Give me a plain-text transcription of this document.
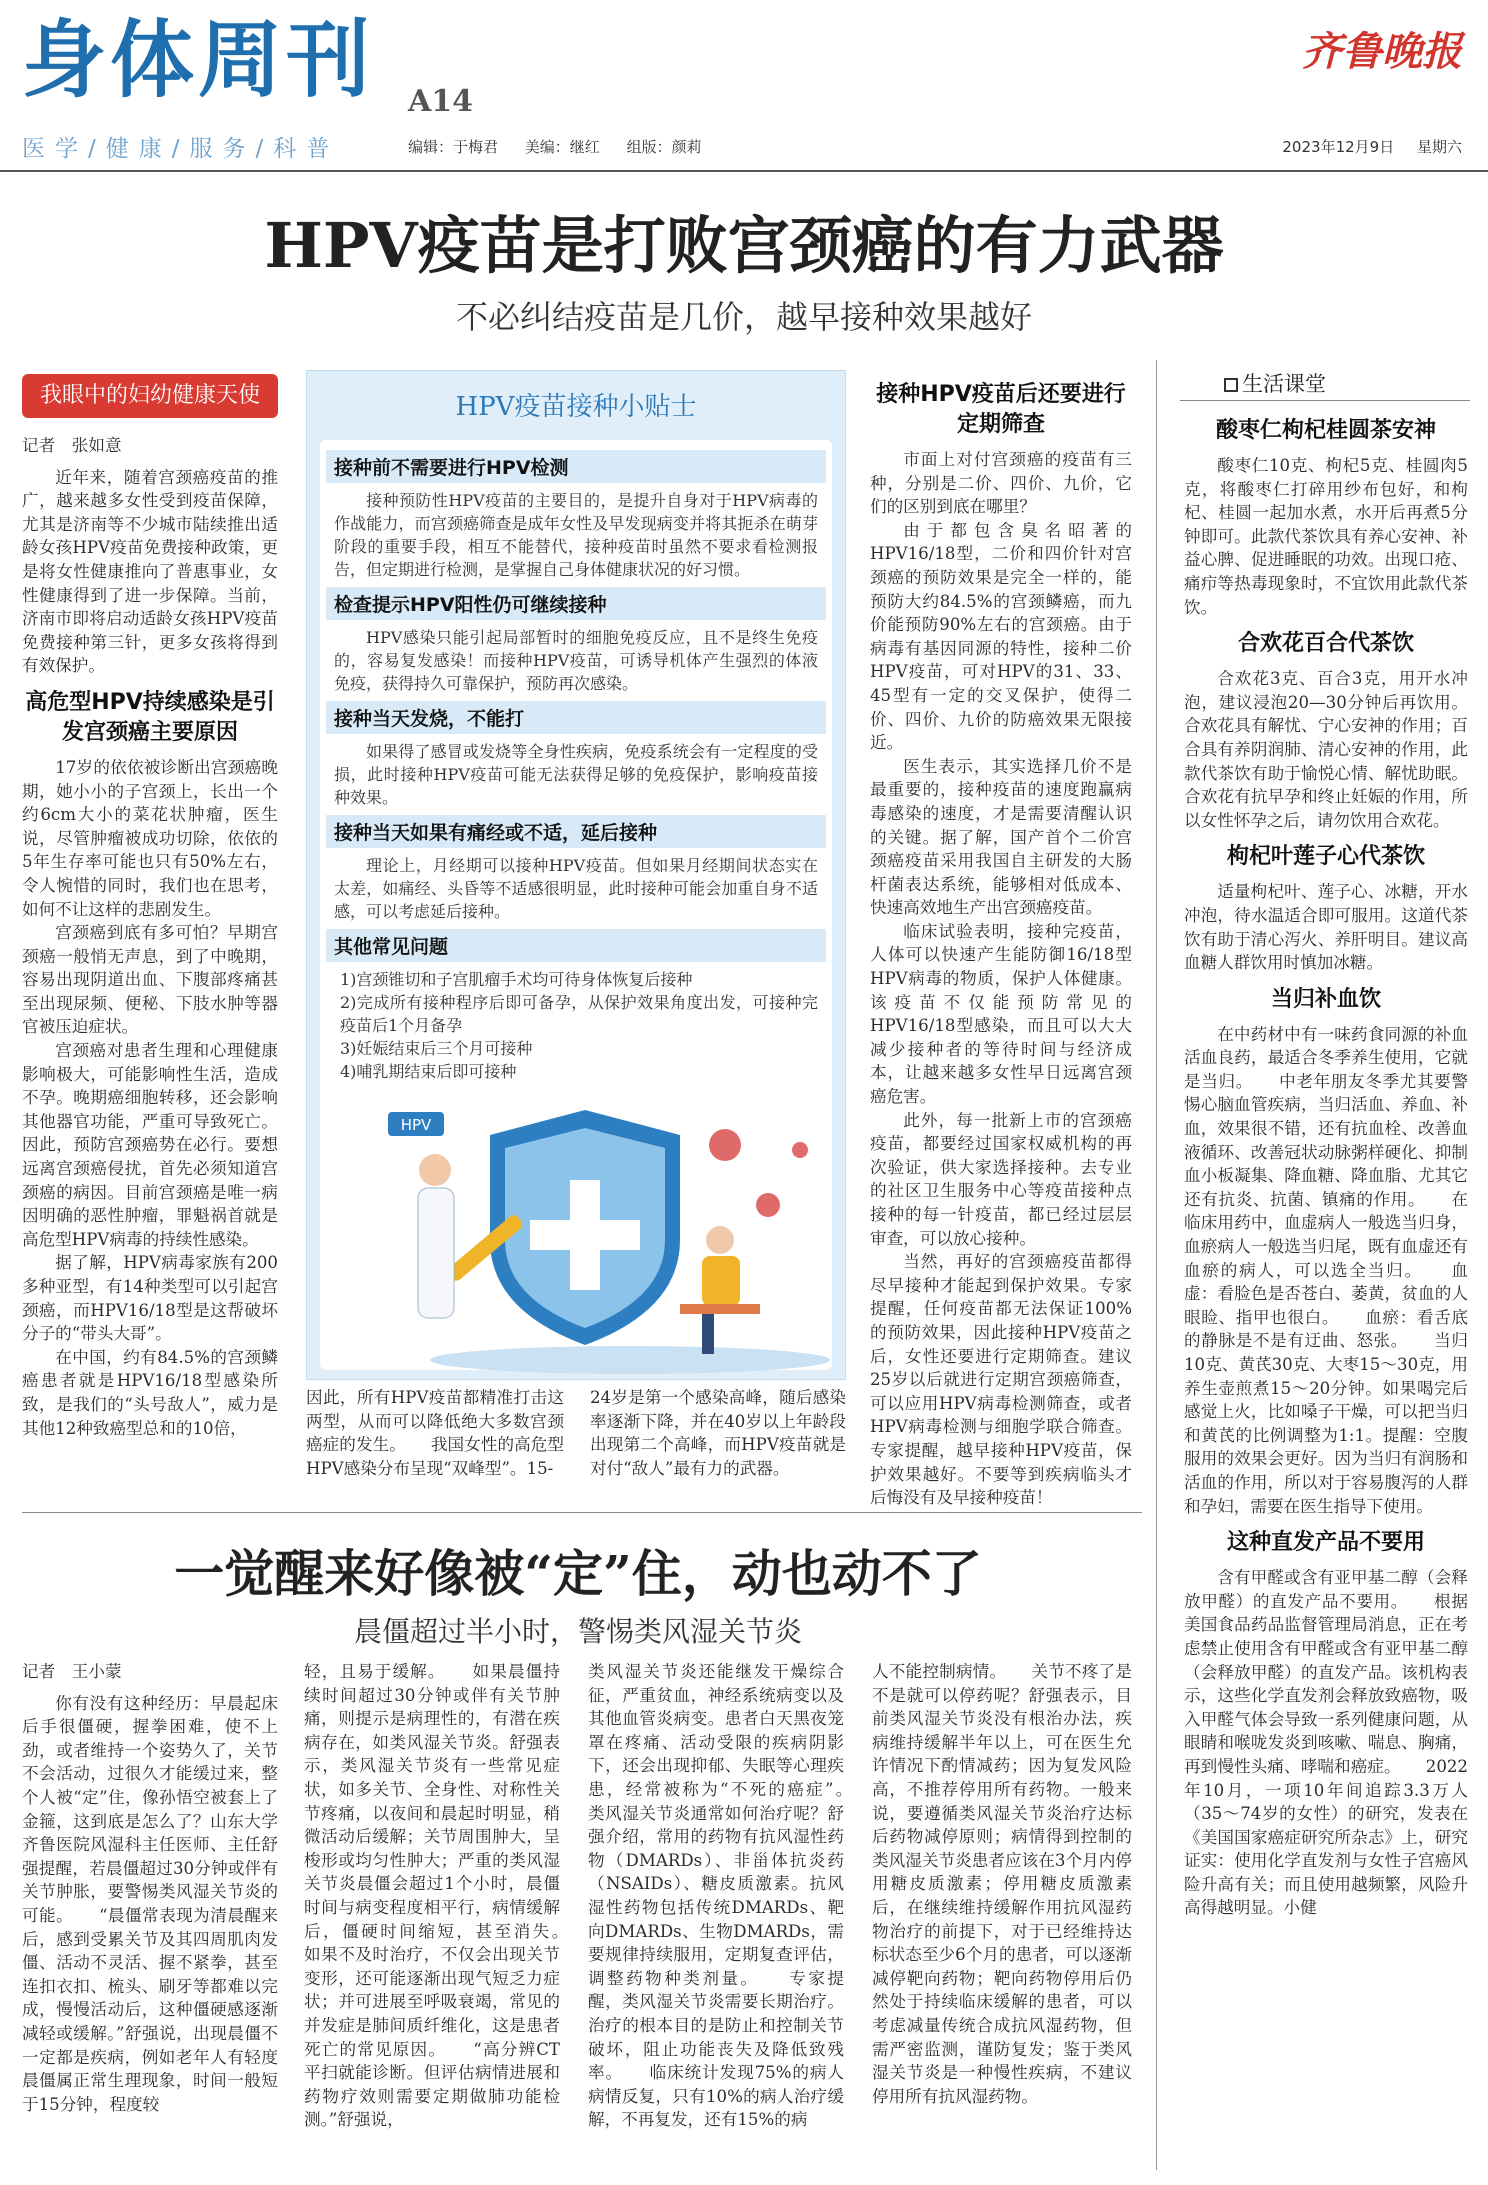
身体周刊 A14
齐鲁晚报
医学/健康/服务/科普	编辑：于梅君 美编：继红 组版：颜莉	2023年12月9日 星期六
HPV疫苗是打败宫颈癌的有力武器
不必纠结疫苗是几价，越早接种效果越好
我眼中的妇幼健康天使

记者　张如意

近年来，随着宫颈癌疫苗的推广，越来越多女性受到疫苗保障，尤其是济南等不少城市陆续推出适龄女孩HPV疫苗免费接种政策，更是将女性健康推向了普惠事业，女性健康得到了进一步保障。当前，济南市即将启动适龄女孩HPV疫苗免费接种第三针，更多女孩将得到有效保护。

高危型HPV持续感染是引发宫颈癌主要原因

17岁的依依被诊断出宫颈癌晚期，她小小的子宫颈上，长出一个约6cm大小的菜花状肿瘤，医生说，尽管肿瘤被成功切除，依依的5年生存率可能也只有50%左右，令人惋惜的同时，我们也在思考，如何不让这样的悲剧发生。

宫颈癌到底有多可怕？早期宫颈癌一般悄无声息，到了中晚期，容易出现阴道出血、下腹部疼痛甚至出现尿频、便秘、下肢水肿等器官被压迫症状。

宫颈癌对患者生理和心理健康影响极大，可能影响性生活，造成不孕。晚期癌细胞转移，还会影响其他器官功能，严重可导致死亡。因此，预防宫颈癌势在必行。要想远离宫颈癌侵扰，首先必须知道宫颈癌的病因。目前宫颈癌是唯一病因明确的恶性肿瘤，罪魁祸首就是高危型HPV病毒的持续性感染。

据了解，HPV病毒家族有200多种亚型，有14种类型可以引起宫颈癌，而HPV16/18型是这帮破坏分子的“带头大哥”。

在中国，约有84.5%的宫颈鳞癌患者就是HPV16/18型感染所致，是我们的“头号敌人”，威力是其他12种致癌型总和的10倍，

HPV疫苗接种小贴士
接种前不需要进行HPV检测

接种预防性HPV疫苗的主要目的，是提升自身对于HPV病毒的作战能力，而宫颈癌筛查是成年女性及早发现病变并将其扼杀在萌芽阶段的重要手段，相互不能替代，接种疫苗时虽然不要求看检测报告，但定期进行检测，是掌握自己身体健康状况的好习惯。

检查提示HPV阳性仍可继续接种

HPV感染只能引起局部暂时的细胞免疫反应，且不是终生免疫的，容易复发感染！而接种HPV疫苗，可诱导机体产生强烈的体液免疫，获得持久可靠保护，预防再次感染。

接种当天发烧，不能打

如果得了感冒或发烧等全身性疾病，免疫系统会有一定程度的受损，此时接种HPV疫苗可能无法获得足够的免疫保护，影响疫苗接种效果。

接种当天如果有痛经或不适，延后接种

理论上，月经期可以接种HPV疫苗。但如果月经期间状态实在太差，如痛经、头昏等不适感很明显，此时接种可能会加重自身不适感，可以考虑延后接种。

其他常见问题

1)宫颈锥切和子宫肌瘤手术均可待身体恢复后接种

2)完成所有接种程序后即可备孕，从保护效果角度出发，可接种完疫苗后1个月备孕

3)妊娠结束后三个月可接种

4)哺乳期结束后即可接种

HPV

因此，所有HPV疫苗都精准打击这两型，从而可以降低绝大多数宫颈癌症的发生。　　我国女性的高危型HPV感染分布呈现“双峰型”。15-

24岁是第一个感染高峰，随后感染率逐渐下降，并在40岁以上年龄段出现第二个高峰，而HPV疫苗就是对付“敌人”最有力的武器。

接种HPV疫苗后还要进行定期筛查

市面上对付宫颈癌的疫苗有三种，分别是二价、四价、九价，它们的区别到底在哪里？

由于都包含臭名昭著的HPV16/18型，二价和四价针对宫颈癌的预防效果是完全一样的，能预防大约84.5%的宫颈鳞癌，而九价能预防90%左右的宫颈癌。由于病毒有基因同源的特性，接种二价HPV疫苗，可对HPV的31、33、45型有一定的交叉保护，使得二价、四价、九价的防癌效果无限接近。

医生表示，其实选择几价不是最重要的，接种疫苗的速度跑赢病毒感染的速度，才是需要清醒认识的关键。据了解，国产首个二价宫颈癌疫苗采用我国自主研发的大肠杆菌表达系统，能够相对低成本、快速高效地生产出宫颈癌疫苗。

临床试验表明，接种完疫苗，人体可以快速产生能防御16/18型HPV病毒的物质，保护人体健康。该疫苗不仅能预防常见的HPV16/18型感染，而且可以大大减少接种者的等待时间与经济成本，让越来越多女性早日远离宫颈癌危害。

此外，每一批新上市的宫颈癌疫苗，都要经过国家权威机构的再次验证，供大家选择接种。去专业的社区卫生服务中心等疫苗接种点接种的每一针疫苗，都已经过层层审查，可以放心接种。

当然，再好的宫颈癌疫苗都得尽早接种才能起到保护效果。专家提醒，任何疫苗都无法保证100%的预防效果，因此接种HPV疫苗之后，女性还要进行定期筛查。建议25岁以后就进行定期宫颈癌筛查，可以应用HPV病毒检测筛查，或者HPV病毒检测与细胞学联合筛查。专家提醒，越早接种HPV疫苗，保护效果越好。不要等到疾病临头才后悔没有及早接种疫苗！

生活课堂
酸枣仁枸杞桂圆茶安神

酸枣仁10克、枸杞5克、桂圆肉5克，将酸枣仁打碎用纱布包好，和枸杞、桂圆一起加水煮，水开后再煮5分钟即可。此款代茶饮具有养心安神、补益心脾、促进睡眠的功效。出现口疮、痛疖等热毒现象时，不宜饮用此款代茶饮。

合欢花百合代茶饮

合欢花3克、百合3克，用开水冲泡，建议浸泡20—30分钟后再饮用。合欢花具有解忧、宁心安神的作用；百合具有养阴润肺、清心安神的作用，此款代茶饮有助于愉悦心情、解忧助眠。合欢花有抗早孕和终止妊娠的作用，所以女性怀孕之后，请勿饮用合欢花。

枸杞叶莲子心代茶饮

适量枸杞叶、莲子心、冰糖，开水冲泡，待水温适合即可服用。这道代茶饮有助于清心泻火、养肝明目。建议高血糖人群饮用时慎加冰糖。

当归补血饮

在中药材中有一味药食同源的补血活血良药，最适合冬季养生使用，它就是当归。　　中老年朋友冬季尤其要警惕心脑血管疾病，当归活血、养血、补血，效果很不错，还有抗血栓、改善血液循环、改善冠状动脉粥样硬化、抑制血小板凝集、降血糖、降血脂、尤其它还有抗炎、抗菌、镇痛的作用。　　在临床用药中，血虚病人一般选当归身，血瘀病人一般选当归尾，既有血虚还有血瘀的病人，可以选全当归。　　血虚：看脸色是否苍白、萎黄，贫血的人眼睑、指甲也很白。　　血瘀：看舌底的静脉是不是有迂曲、怒张。　　当归10克、黄芪30克、大枣15～30克，用养生壶煎煮15～20分钟。如果喝完后感觉上火，比如嗓子干燥，可以把当归和黄芪的比例调整为1:1。提醒：空腹服用的效果会更好。因为当归有润肠和活血的作用，所以对于容易腹泻的人群和孕妇，需要在医生指导下使用。

这种直发产品不要用

含有甲醛或含有亚甲基二醇（会释放甲醛）的直发产品不要用。　　根据美国食品药品监督管理局消息，正在考虑禁止使用含有甲醛或含有亚甲基二醇（会释放甲醛）的直发产品。该机构表示，这些化学直发剂会释放致癌物，吸入甲醛气体会导致一系列健康问题，从眼睛和喉咙发炎到咳嗽、喘息、胸痛，再到慢性头痛、哮喘和癌症。　　2022年10月，一项10年间追踪3.3万人（35～74岁的女性）的研究，发表在《美国国家癌症研究所杂志》上，研究证实：使用化学直发剂与女性子宫癌风险升高有关；而且使用越频繁，风险升高得越明显。小健

一觉醒来好像被“定”住，动也动不了
晨僵超过半小时，警惕类风湿关节炎

记者　王小蒙

你有没有这种经历：早晨起床后手很僵硬，握拳困难，使不上劲，或者维持一个姿势久了，关节不会活动，过很久才能缓过来，整个人被“定”住，像孙悟空被套上了金箍，这到底是怎么了？山东大学齐鲁医院风湿科主任医师、主任舒强提醒，若晨僵超过30分钟或伴有关节肿胀，要警惕类风湿关节炎的可能。　　“晨僵常表现为清晨醒来后，感到受累关节及其四周肌肉发僵、活动不灵活、握不紧拳，甚至连扣衣扣、梳头、刷牙等都难以完成，慢慢活动后，这种僵硬感逐渐减轻或缓解。”舒强说，出现晨僵不一定都是疾病，例如老年人有轻度晨僵属正常生理现象，时间一般短于15分钟，程度较

轻，且易于缓解。　　如果晨僵持续时间超过30分钟或伴有关节肿痛，则提示是病理性的，有潜在疾病存在，如类风湿关节炎。舒强表示，类风湿关节炎有一些常见症状，如多关节、全身性、对称性关节疼痛，以夜间和晨起时明显，稍微活动后缓解；关节周围肿大，呈梭形或均匀性肿大；严重的类风湿关节炎晨僵会超过1个小时，晨僵时间与病变程度相平行，病情缓解后，僵硬时间缩短，甚至消失。　　如果不及时治疗，不仅会出现关节变形，还可能逐渐出现气短乏力症状；并可进展至呼吸衰竭，常见的并发症是肺间质纤维化，这是患者死亡的常见原因。　　“高分辨CT平扫就能诊断。但评估病情进展和药物疗效则需要定期做肺功能检测。”舒强说，

类风湿关节炎还能继发干燥综合征，严重贫血，神经系统病变以及其他血管炎病变。患者白天黑夜笼罩在疼痛、活动受限的疾病阴影下，还会出现抑郁、失眠等心理疾患，经常被称为“不死的癌症”。　　类风湿关节炎通常如何治疗呢？舒强介绍，常用的药物有抗风湿性药物（DMARDs）、非甾体抗炎药（NSAIDs）、糖皮质激素。抗风湿性药物包括传统DMARDs、靶向DMARDs、生物DMARDs，需要规律持续服用，定期复查评估，调整药物种类剂量。　　专家提醒，类风湿关节炎需要长期治疗。治疗的根本目的是防止和控制关节破坏，阻止功能丧失及降低致残率。　　临床统计发现75%的病人病情反复，只有10%的病人治疗缓解，不再复发，还有15%的病

人不能控制病情。　　关节不疼了是不是就可以停药呢？舒强表示，目前类风湿关节炎没有根治办法，疾病维持缓解半年以上，可在医生允许情况下酌情减药；因为复发风险高，不推荐停用所有药物。一般来说，要遵循类风湿关节炎治疗达标后药物减停原则；病情得到控制的类风湿关节炎患者应该在3个月内停用糖皮质激素；停用糖皮质激素后，在继续维持缓解作用抗风湿药物治疗的前提下，对于已经维持达标状态至少6个月的患者，可以逐渐减停靶向药物；靶向药物停用后仍然处于持续临床缓解的患者，可以考虑减量传统合成抗风湿药物，但需严密监测，谨防复发；鉴于类风湿关节炎是一种慢性疾病，不建议停用所有抗风湿药物。
